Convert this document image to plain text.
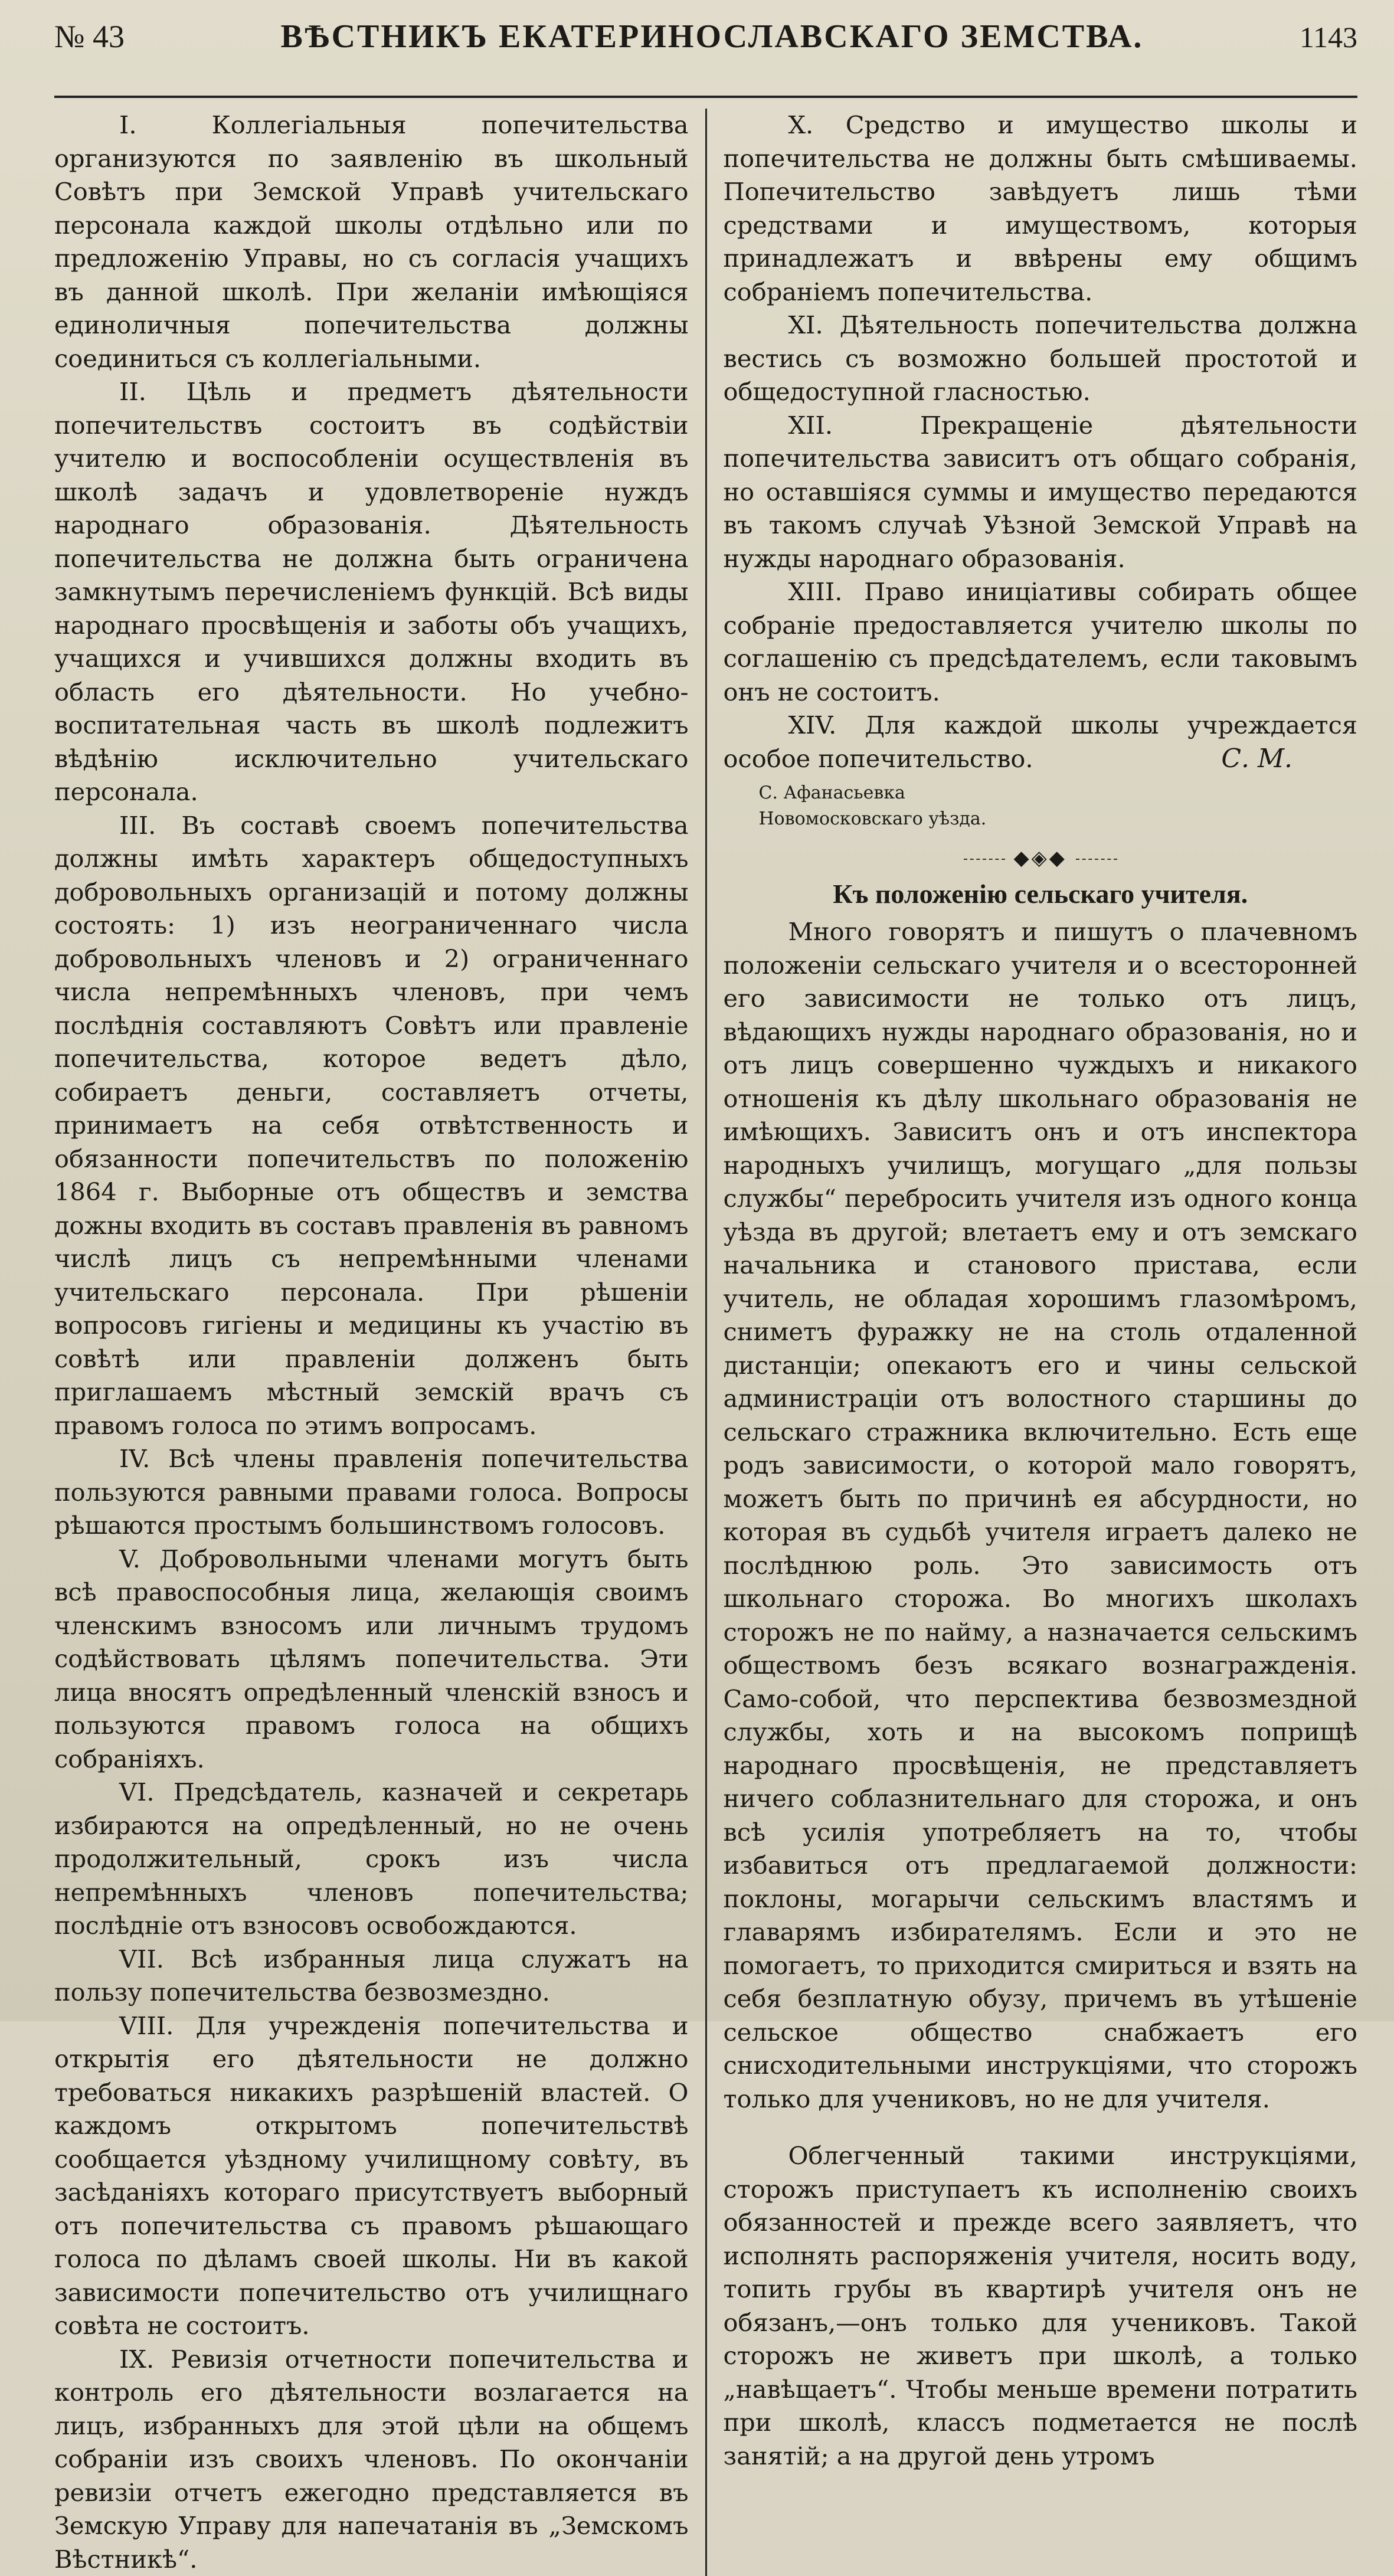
№ 43	ВѢСТНИКЪ ЕКАТЕРИНОСЛАВСКАГО ЗЕМСТВА.	1143

I. Коллегіальныя попечительства организуются по заявленію въ школьный Совѣтъ при Земской Управѣ учительскаго персонала каждой школы отдѣльно или по предложенію Управы, но съ согласія учащихъ въ данной школѣ. При желаніи имѣющіяся единоличныя попечительства должны соединиться съ коллегіальными.

II. Цѣль и предметъ дѣятельности попечительствъ состоитъ въ содѣйствіи учителю и воспособленіи осуществленія въ школѣ задачъ и удовлетвореніе нуждъ народнаго образованія. Дѣятельность попечительства не должна быть ограничена замкнутымъ перечисленіемъ функцій. Всѣ виды народнаго просвѣщенія и заботы объ учащихъ, учащихся и учившихся должны входить въ область его дѣятельности. Но учебно-воспитательная часть въ школѣ подлежитъ вѣдѣнію исключительно учительскаго персонала.

III. Въ составѣ своемъ попечительства должны имѣть характеръ общедоступныхъ добровольныхъ организацій и потому должны состоять: 1) изъ неограниченнаго числа добровольныхъ членовъ и 2) ограниченнаго числа непремѣнныхъ членовъ, при чемъ послѣднія составляютъ Совѣтъ или правленіе попечительства, которое ведетъ дѣло, собираетъ деньги, составляетъ отчеты, принимаетъ на себя отвѣтственность и обязанности попечительствъ по положенію 1864 г. Выборные отъ обществъ и земства дожны входить въ составъ правленія въ равномъ числѣ лицъ съ непремѣнными членами учительскаго персонала. При рѣшеніи вопросовъ гигіены и медицины къ участію въ совѣтѣ или правленіи долженъ быть приглашаемъ мѣстный земскій врачъ съ правомъ голоса по этимъ вопросамъ.

IV. Всѣ члены правленія попечительства пользуются равными правами голоса. Вопросы рѣшаются простымъ большинствомъ голосовъ.

V. Добровольными членами могутъ быть всѣ правоспособныя лица, желающія своимъ членскимъ взносомъ или личнымъ трудомъ содѣйствовать цѣлямъ попечительства. Эти лица вносятъ опредѣленный членскій взносъ и пользуются правомъ голоса на общихъ собраніяхъ.

VI. Предсѣдатель, казначей и секретарь избираются на опредѣленный, но не очень продолжительный, срокъ изъ числа непремѣнныхъ членовъ попечительства; послѣдніе отъ взносовъ освобождаются.

VII. Всѣ избранныя лица служатъ на пользу попечительства безвозмездно.

VIII. Для учрежденія попечительства и открытія его дѣятельности не должно требоваться никакихъ разрѣшеній властей. О каждомъ открытомъ попечительствѣ сообщается уѣздному училищному совѣту, въ засѣданіяхъ котораго присутствуетъ выборный отъ попечительства съ правомъ рѣшающаго голоса по дѣламъ своей школы. Ни въ какой зависимости попечительство отъ училищнаго совѣта не состоитъ.

IX. Ревизія отчетности попечительства и контроль его дѣятельности возлагается на лицъ, избранныхъ для этой цѣли на общемъ собраніи изъ своихъ членовъ. По окончаніи ревизіи отчетъ ежегодно представляется въ Земскую Управу для напечатанія въ „Земскомъ Вѣстникѣ“.

X. Средство и имущество школы и попечительства не должны быть смѣшиваемы. Попечительство завѣдуетъ лишь тѣми средствами и имуществомъ, которыя принадлежатъ и ввѣрены ему общимъ собраніемъ попечительства.

XI. Дѣятельность попечительства должна вестись съ возможно большей простотой и общедоступной гласностью.

XII. Прекращеніе дѣятельности попечительства зависитъ отъ общаго собранія, но оставшіяся суммы и имущество передаются въ такомъ случаѣ Уѣзной Земской Управѣ на нужды народнаго образованія.

XIII. Право иниціативы собирать общее собраніе предоставляется учителю школы по соглашенію съ предсѣдателемъ, если таковымъ онъ не состоитъ.

XIV. Для каждой школы учреждается особое попечительство.	С. М.
С. Афанасьевка
Новомосковскаго уѣзда.
◆◈◆
Къ положенію сельскаго учителя.

Много говорятъ и пишутъ о плачевномъ положеніи сельскаго учителя и о всесторонней его зависимости не только отъ лицъ, вѣдающихъ нужды народнаго образованія, но и отъ лицъ совершенно чуждыхъ и никакого отношенія къ дѣлу школьнаго образованія не имѣющихъ. Зависитъ онъ и отъ инспектора народныхъ училищъ, могущаго „для пользы службы“ перебросить учителя изъ одного конца уѣзда въ другой; влетаетъ ему и отъ земскаго начальника и станового пристава, если учитель, не обладая хорошимъ глазомѣромъ, сниметъ фуражку не на столь отдаленной дистанціи; опекаютъ его и чины сельской администраціи отъ волостного старшины до сельскаго стражника включительно. Есть еще родъ зависимости, о которой мало говорятъ, можетъ быть по причинѣ ея абсурдности, но которая въ судьбѣ учителя играетъ далеко не послѣднюю роль. Это зависимость отъ школьнаго сторожа. Во многихъ школахъ сторожъ не по найму, а назначается сельскимъ обществомъ безъ всякаго вознагражденія. Само-собой, что перспектива безвозмездной службы, хоть и на высокомъ поприщѣ народнаго просвѣщенія, не представляетъ ничего соблазнительнаго для сторожа, и онъ всѣ усилія употребляетъ на то, чтобы избавиться отъ предлагаемой должности: поклоны, могарычи сельскимъ властямъ и главарямъ избирателямъ. Если и это не помогаетъ, то приходится смириться и взять на себя безплатную обузу, причемъ въ утѣшеніе сельское общество снабжаетъ его снисходительными инструкціями, что сторожъ только для учениковъ, но не для учителя.

Облегченный такими инструкціями, сторожъ приступаетъ къ исполненію своихъ обязанностей и прежде всего заявляетъ, что исполнять распоряженія учителя, носить воду, топить грубы въ квартирѣ учителя онъ не обязанъ,—онъ только для учениковъ. Такой сторожъ не живетъ при школѣ, а только „навѣщаетъ“. Чтобы меньше времени потратить при школѣ, классъ подметается не послѣ занятій; а на другой день утромъ
